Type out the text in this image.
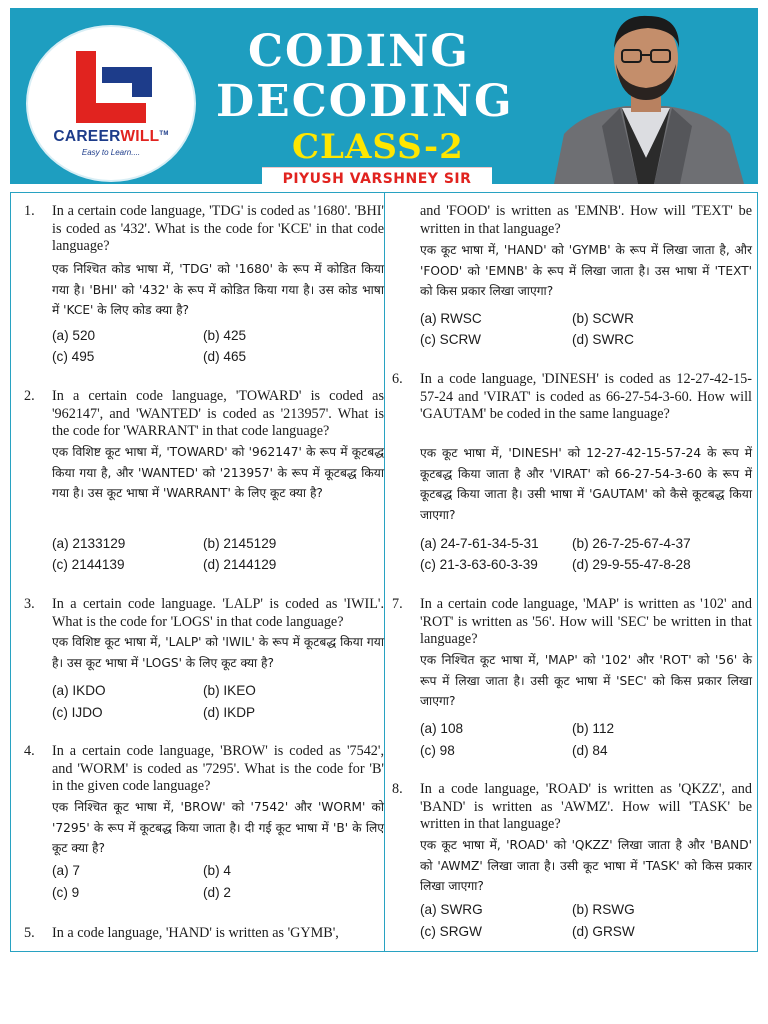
CAREERWILL™
Easy to Learn....
CODING
DECODING
CLASS-2
PIYUSH VARSHNEY SIR
1. In a certain code language, 'TDG' is coded as '1680'. 'BHI' is coded as '432'. What is the code for 'KCE' in that code language?
एक निश्चित कोड भाषा में, 'TDG' को '1680' के रूप में कोडित किया गया है। 'BHI' को '432' के रूप में कोडित किया गया है। उस कोड भाषा में 'KCE' के लिए कोड क्या है?
(a) 520	(b) 425
(c) 495	(d) 465
2. In a certain code language, 'TOWARD' is coded as '962147', and 'WANTED' is coded as '213957'. What is the code for 'WARRANT' in that code language?
एक विशिष्ट कूट भाषा में, 'TOWARD' को '962147' के रूप में कूटबद्ध किया गया है, और 'WANTED' को '213957' के रूप में कूटबद्ध किया गया है। उस कूट भाषा में 'WARRANT' के लिए कूट क्या है?
(a) 2133129	(b) 2145129
(c) 2144139	(d) 2144129
3. In a certain code language. 'LALP' is coded as 'IWIL'. What is the code for 'LOGS' in that code language?
एक विशिष्ट कूट भाषा में, 'LALP' को 'IWIL' के रूप में कूटबद्ध किया गया है। उस कूट भाषा में 'LOGS' के लिए कूट क्या है?
(a) IKDO	(b) IKEO
(c) IJDO	(d) IKDP
4. In a certain code language, 'BROW' is coded as '7542', and 'WORM' is coded as '7295'. What is the code for 'B' in the given code language?
एक निश्चित कूट भाषा में, 'BROW' को '7542' और 'WORM' को '7295' के रूप में कूटबद्ध किया जाता है। दी गई कूट भाषा में 'B' के लिए कूट क्या है?
(a) 7	(b) 4
(c) 9	(d) 2
5. In a code language, 'HAND' is written as 'GYMB',
and 'FOOD' is written as 'EMNB'. How will 'TEXT' be written in that language?
एक कूट भाषा में, 'HAND' को 'GYMB' के रूप में लिखा जाता है, और 'FOOD' को 'EMNB' के रूप में लिखा जाता है। उस भाषा में 'TEXT' को किस प्रकार लिखा जाएगा?
(a) RWSC	(b) SCWR
(c) SCRW	(d) SWRC
6. In a code language, 'DINESH' is coded as 12-27-42-15-57-24 and 'VIRAT' is coded as 66-27-54-3-60. How will 'GAUTAM' be coded in the same language?
एक कूट भाषा में, 'DINESH' को 12-27-42-15-57-24 के रूप में कूटबद्ध किया जाता है और 'VIRAT' को 66-27-54-3-60 के रूप में कूटबद्ध किया जाता है। उसी भाषा में 'GAUTAM' को कैसे कूटबद्ध किया जाएगा?
(a) 24-7-61-34-5-31 (b) 26-7-25-67-4-37
(c) 21-3-63-60-3-39	(d) 29-9-55-47-8-28
7. In a certain code language, 'MAP' is written as '102' and 'ROT' is written as '56'. How will 'SEC' be written in that language?
एक निश्चित कूट भाषा में, 'MAP' को '102' और 'ROT' को '56' के रूप में लिखा जाता है। उसी कूट भाषा में 'SEC' को किस प्रकार लिखा जाएगा?
(a) 108	(b) 112
(c) 98	(d) 84
8. In a code language, 'ROAD' is written as 'QKZZ', and 'BAND' is written as 'AWMZ'. How will 'TASK' be written in that language?
एक कूट भाषा में, 'ROAD' को 'QKZZ' लिखा जाता है और 'BAND' को 'AWMZ' लिखा जाता है। उसी कूट भाषा में 'TASK' को किस प्रकार लिखा जाएगा?
(a) SWRG	(b) RSWG
(c) SRGW	(d) GRSW
